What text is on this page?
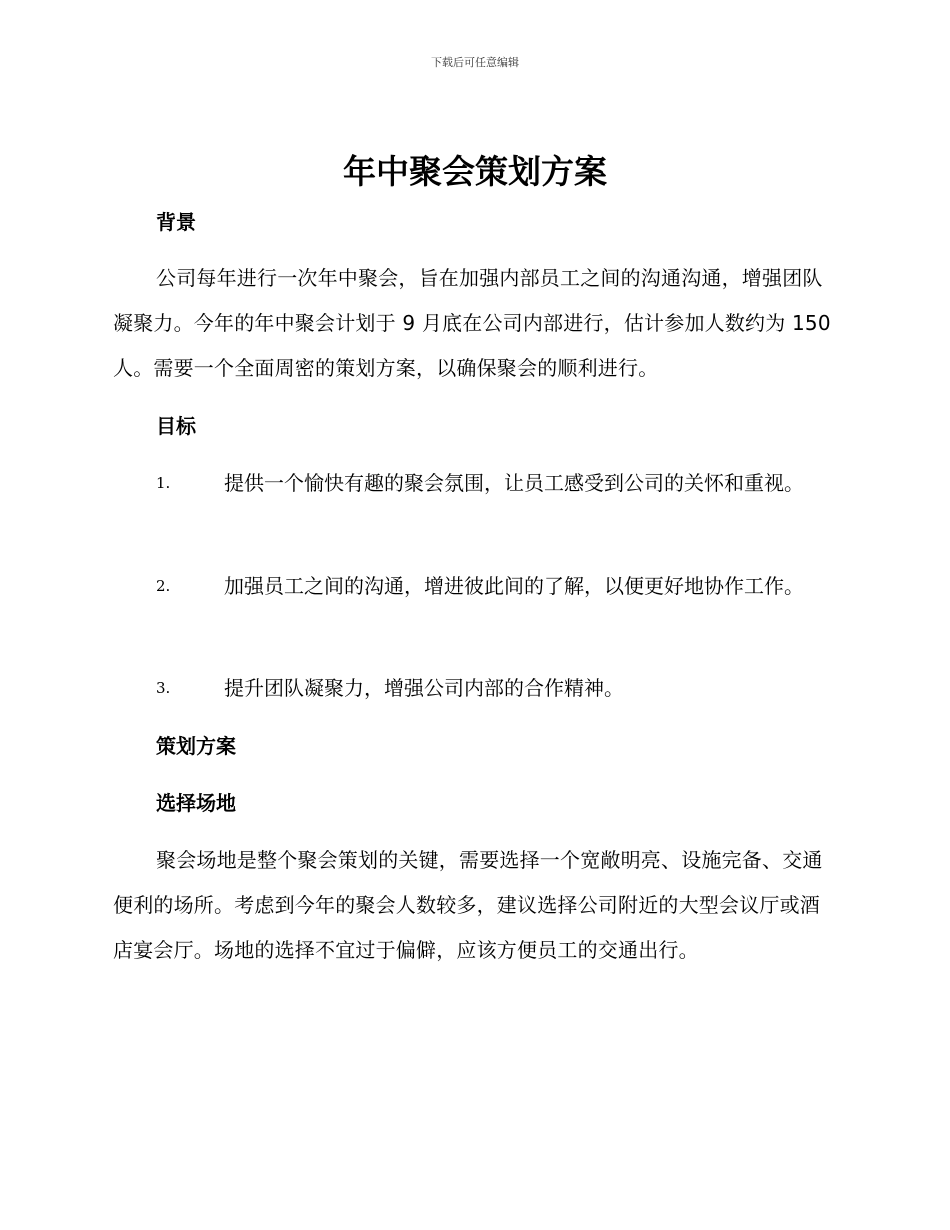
下载后可任意编辑
年中聚会策划方案
背景
公司每年进行一次年中聚会，旨在加强内部员工之间的沟通沟通，增强团队凝聚力。今年的年中聚会计划于 9 月底在公司内部进行，估计参加人数约为 150 人。需要一个全面周密的策划方案，以确保聚会的顺利进行。
目标
1.	提供一个愉快有趣的聚会氛围，让员工感受到公司的关怀和重视。
2.	加强员工之间的沟通，增进彼此间的了解，以便更好地协作工作。
3.	提升团队凝聚力，增强公司内部的合作精神。
策划方案
选择场地
聚会场地是整个聚会策划的关键，需要选择一个宽敞明亮、设施完备、交通便利的场所。考虑到今年的聚会人数较多，建议选择公司附近的大型会议厅或酒店宴会厅。场地的选择不宜过于偏僻，应该方便员工的交通出行。
